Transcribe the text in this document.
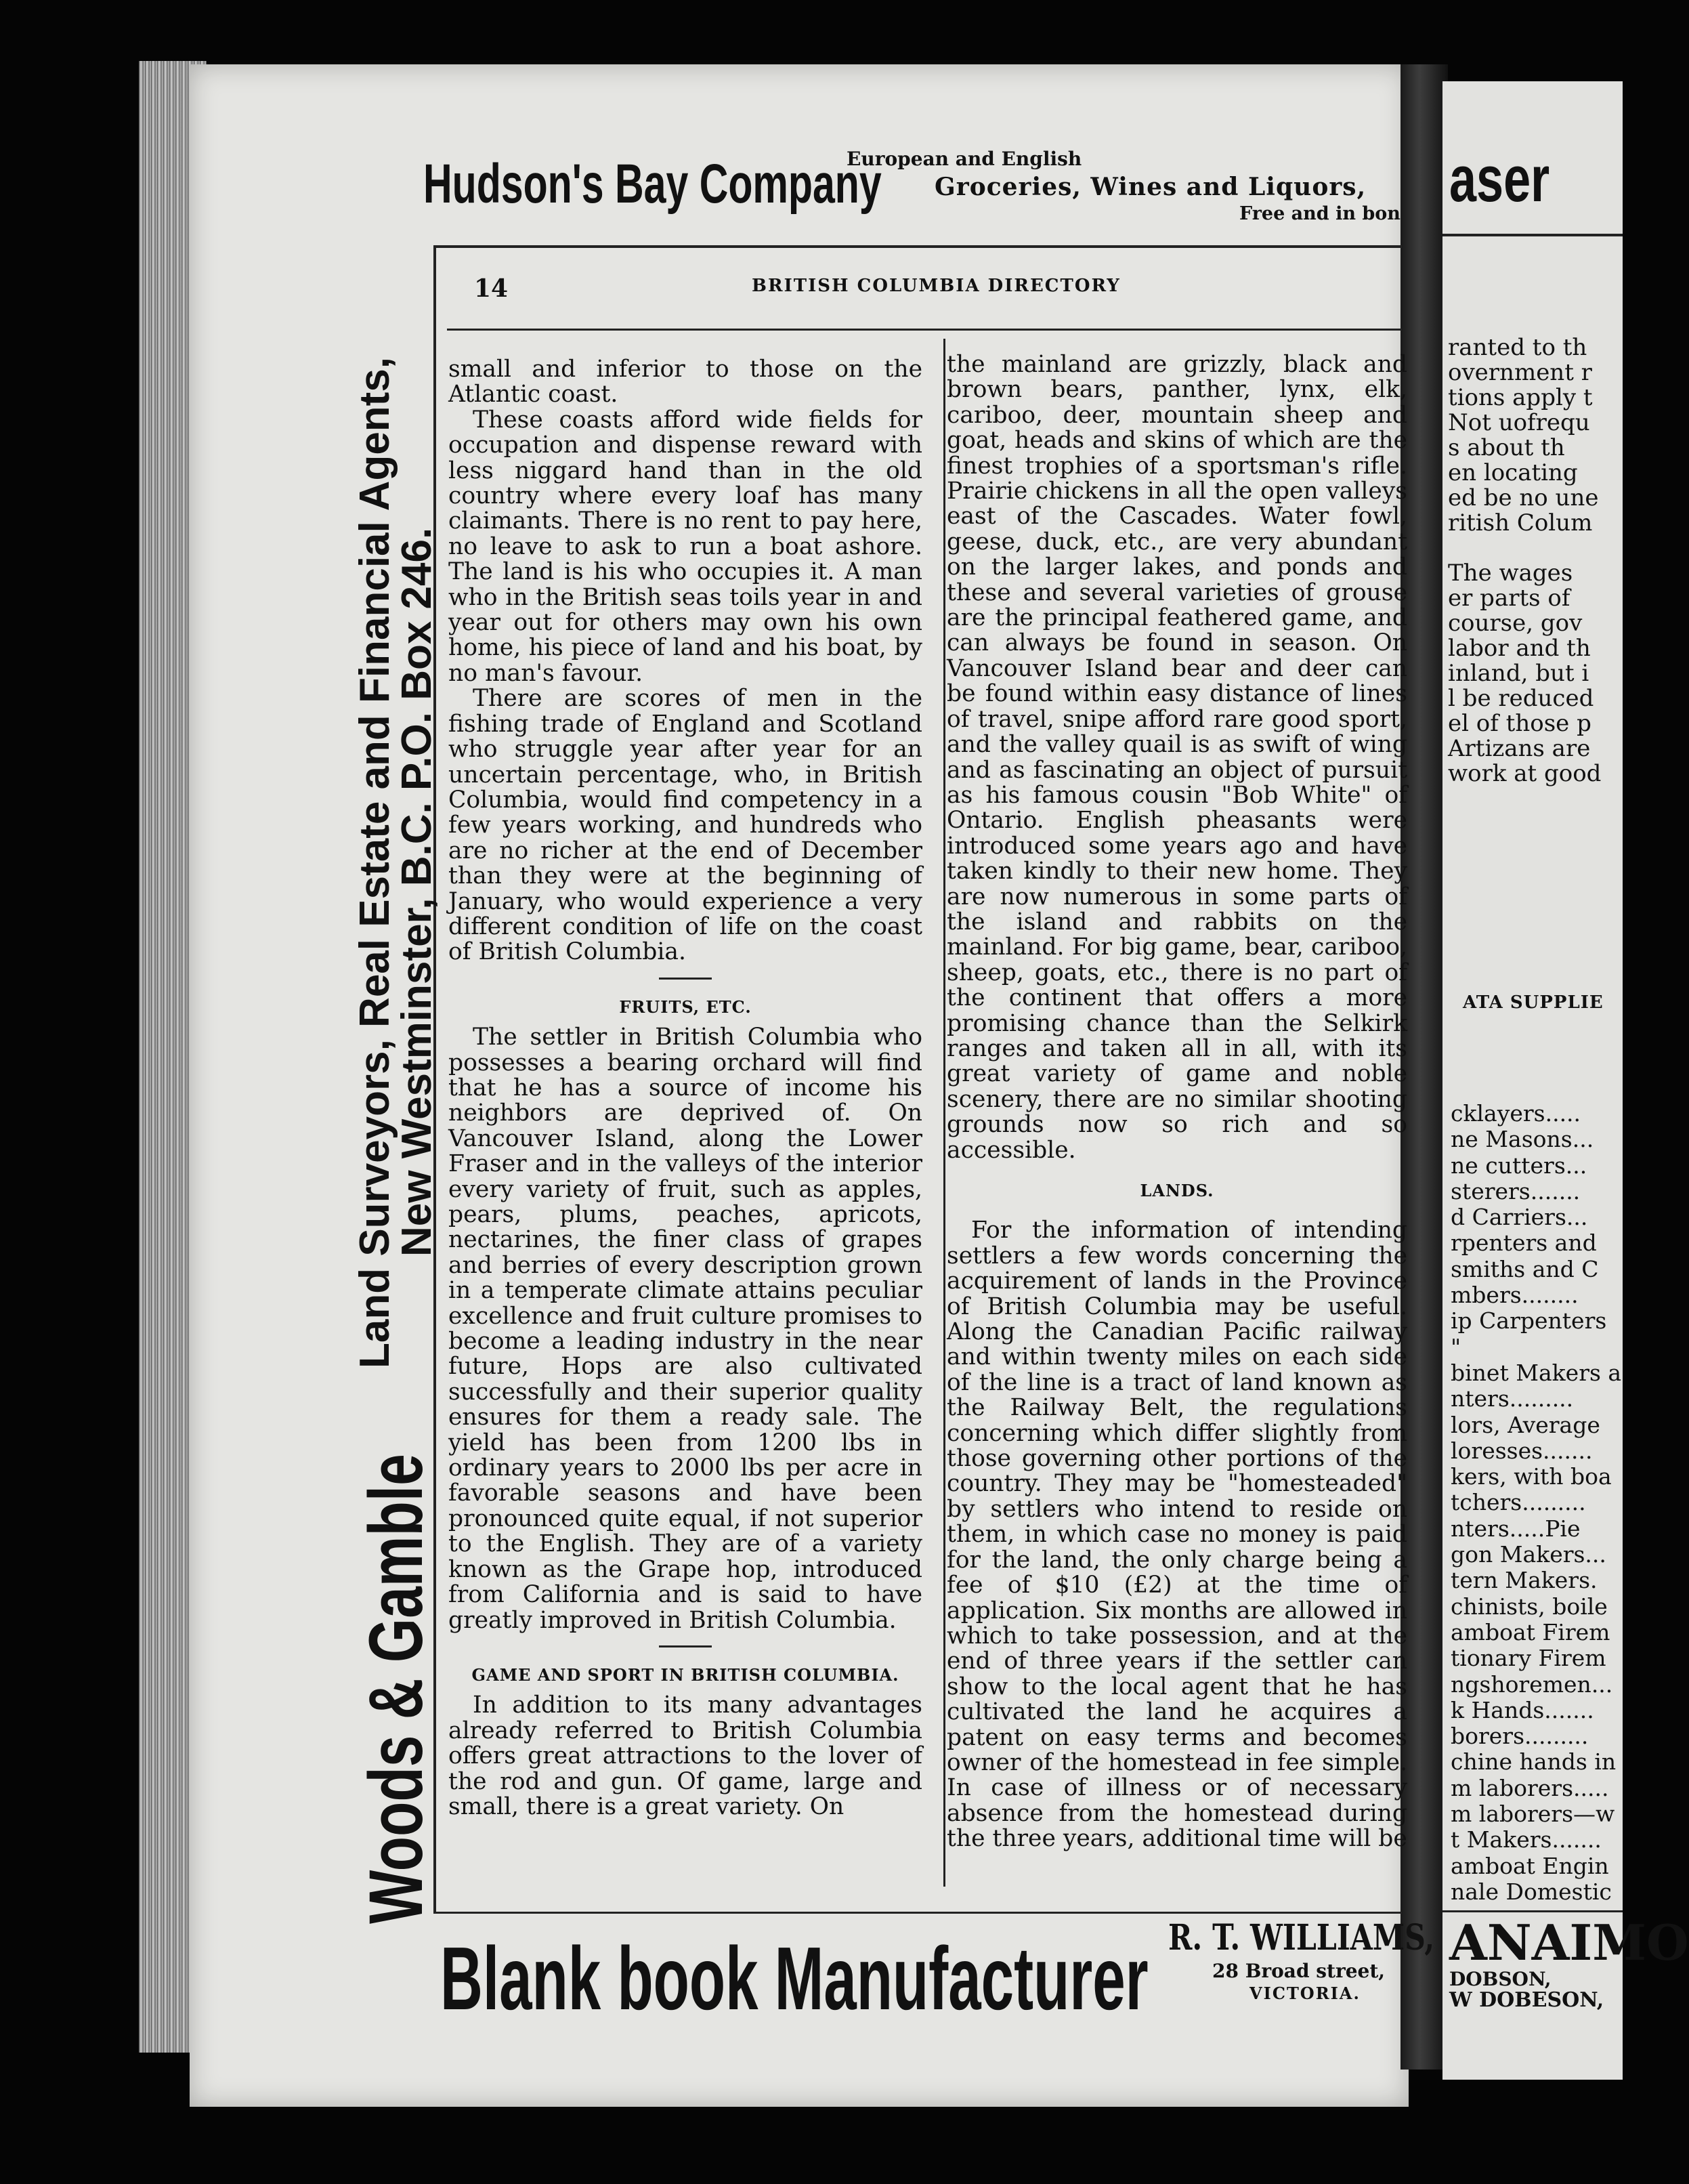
aser

ranted to th

overnment r

tions apply t

Not uofrequ

s about th

en locating

ed be no une

ritish Colum

The wages

er parts of

course, gov

labor and th

inland, but i

l be reduced

el of those p

Artizans are

work at good

ATA SUPPLIE

cklayers.....

ne Masons...

ne cutters...

sterers.......

d Carriers...

rpenters and

smiths and C

mbers........

ip Carpenters

"

binet Makers a

nters.........

lors, Average

loresses.......

kers, with boa

tchers.........

nters.....Pie

gon Makers...

tern Makers.

chinists, boile

amboat Firem

tionary Firem

ngshoremen...

k Hands.......

borers.........

chine hands in

m laborers.....

m laborers—w

t Makers.......

amboat Engin

nale Domestic

ANAIMO
DOBSON,
W DOBESON,
Hudson's Bay Company
European and English
Groceries, Wines and Liquors,
Free and in bon
14	BRITISH COLUMBIA DIRECTORY
Woods & Gamble
Land Surveyors, Real Estate and Financial Agents,
New Westminster, B.C. P.O. Box 246.

small and inferior to those on the Atlantic coast.

These coasts afford wide fields for occupation and dispense reward with less niggard hand than in the old country where every loaf has many claimants. There is no rent to pay here, no leave to ask to run a boat ashore. The land is his who occupies it. A man who in the British seas toils year in and year out for others may own his own home, his piece of land and his boat, by no man's favour.

There are scores of men in the fishing trade of England and Scotland who struggle year after year for an uncertain percentage, who, in British Columbia, would find competency in a few years working, and hundreds who are no richer at the end of December than they were at the beginning of January, who would experience a very different condition of life on the coast of British Columbia.

FRUITS, ETC.

The settler in British Columbia who possesses a bearing orchard will find that he has a source of income his neighbors are deprived of. On Vancouver Island, along the Lower Fraser and in the valleys of the interior every variety of fruit, such as apples, pears, plums, peaches, apricots, nectarines, the finer class of grapes and berries of every description grown in a temperate climate attains peculiar excellence and fruit culture promises to become a leading industry in the near future, Hops are also cultivated successfully and their superior quality ensures for them a ready sale. The yield has been from 1200 lbs in ordinary years to 2000 lbs per acre in favorable seasons and have been pronounced quite equal, if not superior to the English. They are of a variety known as the Grape hop, introduced from California and is said to have greatly improved in British Columbia.

GAME AND SPORT IN BRITISH COLUMBIA.

In addition to its many advantages already referred to British Columbia offers great attractions to the lover of the rod and gun. Of game, large and small, there is a great variety. On

the mainland are grizzly, black and brown bears, panther, lynx, elk, cariboo, deer, mountain sheep and goat, heads and skins of which are the finest trophies of a sportsman's rifle. Prairie chickens in all the open valleys east of the Cascades. Water fowl, geese, duck, etc., are very abundant on the larger lakes, and ponds and these and several varieties of grouse are the principal feathered game, and can always be found in season. On Vancouver Island bear and deer can be found within easy distance of lines of travel, snipe afford rare good sport, and the valley quail is as swift of wing and as fascinating an object of pursuit as his famous cousin "Bob White" of Ontario. English pheasants were introduced some years ago and have taken kindly to their new home. They are now numerous in some parts of the island and rabbits on the mainland. For big game, bear, cariboo, sheep, goats, etc., there is no part of the continent that offers a more promising chance than the Selkirk ranges and taken all in all, with its great variety of game and noble scenery, there are no similar shooting grounds now so rich and so accessible.

LANDS.

For the information of intending settlers a few words concerning the acquirement of lands in the Province of British Columbia may be useful. Along the Canadian Pacific railway and within twenty miles on each side of the line is a tract of land known as the Railway Belt, the regulations concerning which differ slightly from those governing other portions of the country. They may be "homesteaded" by settlers who intend to reside on them, in which case no money is paid for the land, the only charge being a fee of $10 (£2) at the time of application. Six months are allowed in which to take possession, and at the end of three years if the settler can show to the local agent that he has cultivated the land he acquires a patent on easy terms and becomes owner of the homestead in fee simple. In case of illness or of necessary absence from the homestead during the three years, additional time will be

Blank book Manufacturer R. T. WILLIAMS,
28 Broad street,
VICTORIA.
